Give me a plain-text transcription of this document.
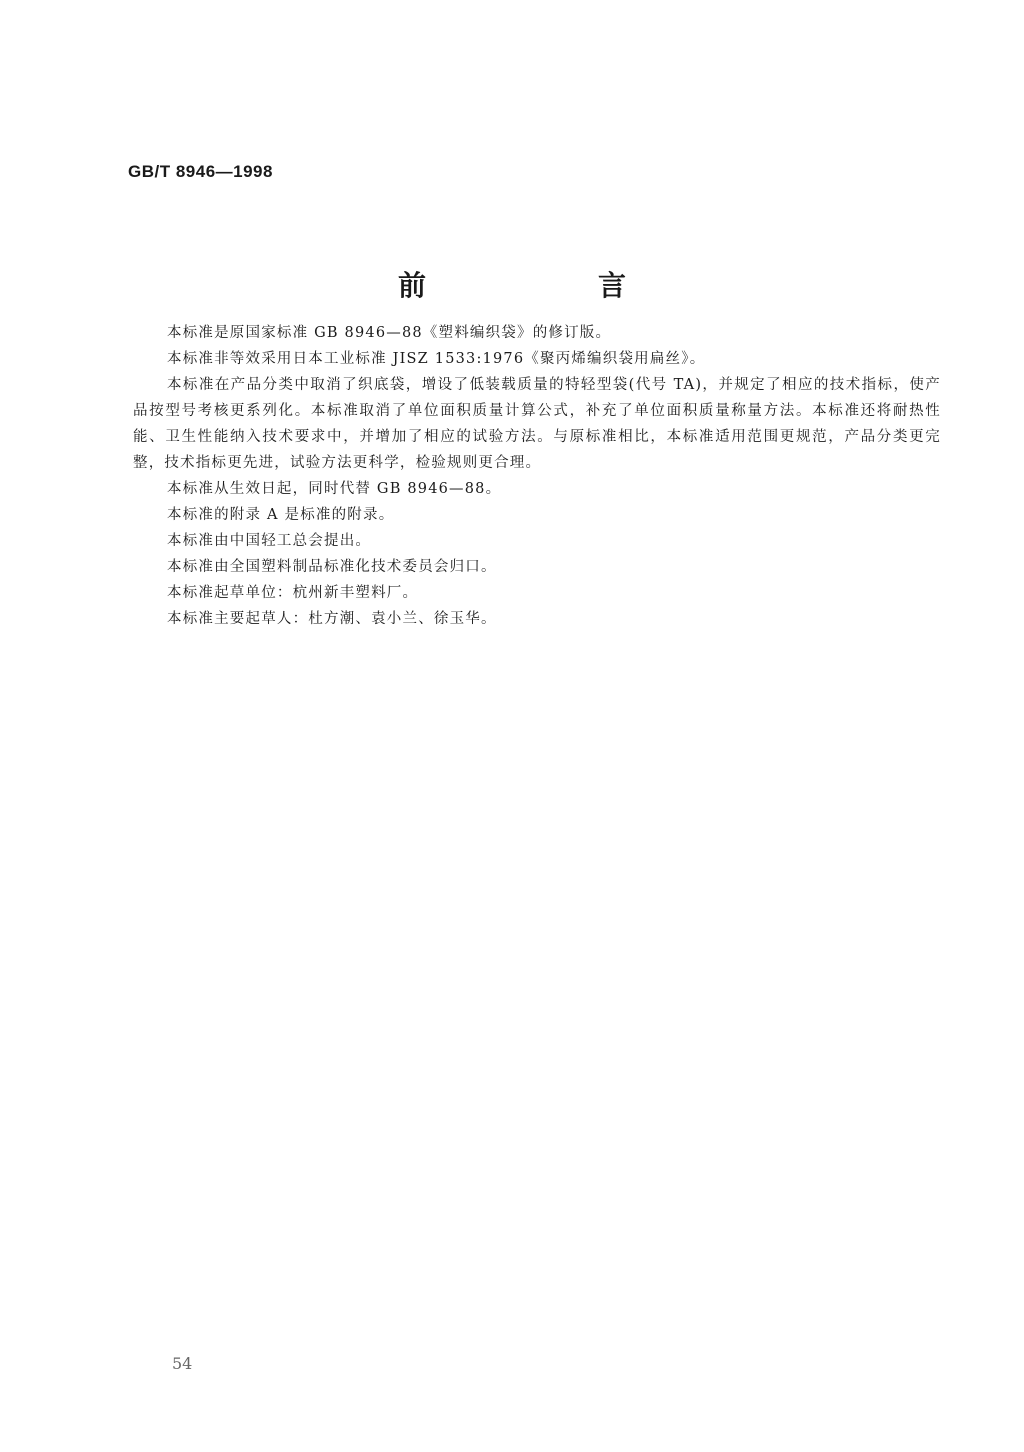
GB/T 8946—1998
前　言

本标准是原国家标准 GB 8946—88《塑料编织袋》的修订版。

本标准非等效采用日本工业标准 JISZ 1533:1976《聚丙烯编织袋用扁丝》。

本标准在产品分类中取消了织底袋，增设了低装载质量的特轻型袋(代号 TA)，并规定了相应的技术指标，使产品按型号考核更系列化。本标准取消了单位面积质量计算公式，补充了单位面积质量称量方法。本标准还将耐热性能、卫生性能纳入技术要求中，并增加了相应的试验方法。与原标准相比，本标准适用范围更规范，产品分类更完整，技术指标更先进，试验方法更科学，检验规则更合理。

本标准从生效日起，同时代替 GB 8946—88。

本标准的附录 A 是标准的附录。

本标准由中国轻工总会提出。

本标准由全国塑料制品标准化技术委员会归口。

本标准起草单位：杭州新丰塑料厂。

本标准主要起草人：杜方潮、袁小兰、徐玉华。

54
